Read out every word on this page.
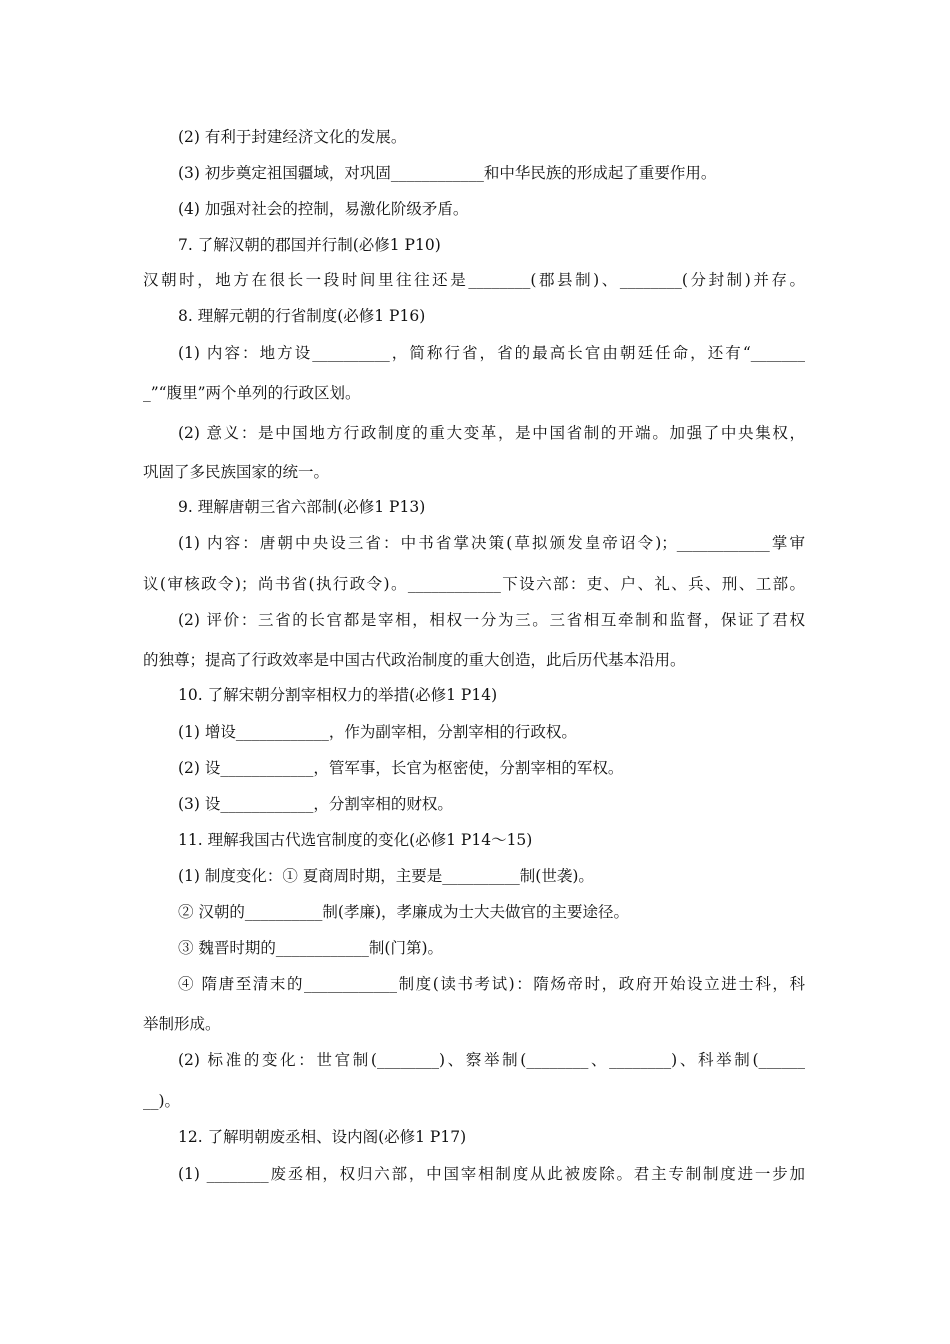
(2) 有利于封建经济文化的发展。
(3) 初步奠定祖国疆域，对巩固____________和中华民族的形成起了重要作用。
(4) 加强对社会的控制，易激化阶级矛盾。
7. 了解汉朝的郡国并行制(必修1 P10)
汉朝时，地方在很长一段时间里往往还是________(郡县制)、________(分封制)并存。
8. 理解元朝的行省制度(必修1 P16)
(1) 内容：地方设__________，简称行省，省的最高长官由朝廷任命，还有“_______
_”“腹里”两个单列的行政区划。
(2) 意义：是中国地方行政制度的重大变革，是中国省制的开端。加强了中央集权，
巩固了多民族国家的统一。
9. 理解唐朝三省六部制(必修1 P13)
(1) 内容：唐朝中央设三省：中书省掌决策(草拟颁发皇帝诏令)；____________掌审
议(审核政令)；尚书省(执行政令)。____________下设六部：吏、户、礼、兵、刑、工部。
(2) 评价：三省的长官都是宰相，相权一分为三。三省相互牵制和监督，保证了君权
的独尊；提高了行政效率是中国古代政治制度的重大创造，此后历代基本沿用。
10. 了解宋朝分割宰相权力的举措(必修1 P14)
(1) 增设____________，作为副宰相，分割宰相的行政权。
(2) 设____________，管军事，长官为枢密使，分割宰相的军权。
(3) 设____________，分割宰相的财权。
11. 理解我国古代选官制度的变化(必修1 P14～15)
(1) 制度变化：① 夏商周时期，主要是__________制(世袭)。
② 汉朝的__________制(孝廉)，孝廉成为士大夫做官的主要途径。
③ 魏晋时期的____________制(门第)。
④ 隋唐至清末的____________制度(读书考试)：隋炀帝时，政府开始设立进士科，科
举制形成。
(2) 标准的变化：世官制(________)、察举制(________、________)、科举制(______
__)。
12. 了解明朝废丞相、设内阁(必修1 P17)
(1) ________废丞相，权归六部，中国宰相制度从此被废除。君主专制制度进一步加
